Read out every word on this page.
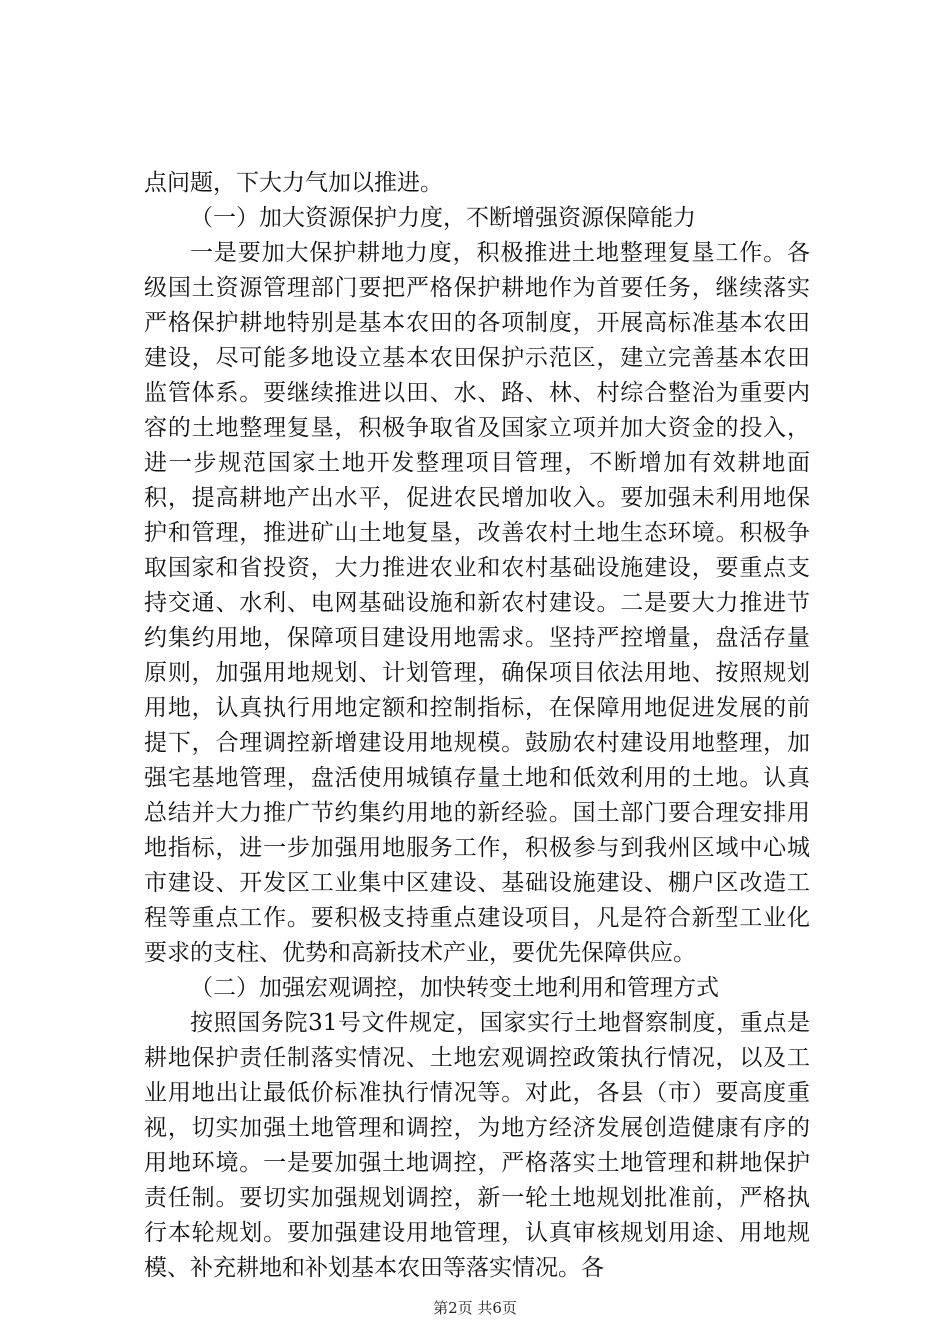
点问题，下大力气加以推进。

（一）加大资源保护力度，不断增强资源保障能力

一是要加大保护耕地力度，积极推进土地整理复垦工作。各级国土资源管理部门要把严格保护耕地作为首要任务，继续落实严格保护耕地特别是基本农田的各项制度，开展高标准基本农田建设，尽可能多地设立基本农田保护示范区，建立完善基本农田监管体系。要继续推进以田、水、路、林、村综合整治为重要内容的土地整理复垦，积极争取省及国家立项并加大资金的投入，进一步规范国家土地开发整理项目管理，不断增加有效耕地面积，提高耕地产出水平，促进农民增加收入。要加强未利用地保护和管理，推进矿山土地复垦，改善农村土地生态环境。积极争取国家和省投资，大力推进农业和农村基础设施建设，要重点支持交通、水利、电网基础设施和新农村建设。二是要大力推进节约集约用地，保障项目建设用地需求。坚持严控增量，盘活存量原则，加强用地规划、计划管理，确保项目依法用地、按照规划用地，认真执行用地定额和控制指标，在保障用地促进发展的前提下，合理调控新增建设用地规模。鼓励农村建设用地整理，加强宅基地管理，盘活使用城镇存量土地和低效利用的土地。认真总结并大力推广节约集约用地的新经验。国土部门要合理安排用地指标，进一步加强用地服务工作，积极参与到我州区域中心城市建设、开发区工业集中区建设、基础设施建设、棚户区改造工程等重点工作。要积极支持重点建设项目，凡是符合新型工业化要求的支柱、优势和高新技术产业，要优先保障供应。

（二）加强宏观调控，加快转变土地利用和管理方式

按照国务院31号文件规定，国家实行土地督察制度，重点是耕地保护责任制落实情况、土地宏观调控政策执行情况，以及工业用地出让最低价标准执行情况等。对此，各县（市）要高度重视，切实加强土地管理和调控，为地方经济发展创造健康有序的用地环境。一是要加强土地调控，严格落实土地管理和耕地保护责任制。要切实加强规划调控，新一轮土地规划批准前，严格执行本轮规划。要加强建设用地管理，认真审核规划用途、用地规模、补充耕地和补划基本农田等落实情况。各

第2页 共6页
